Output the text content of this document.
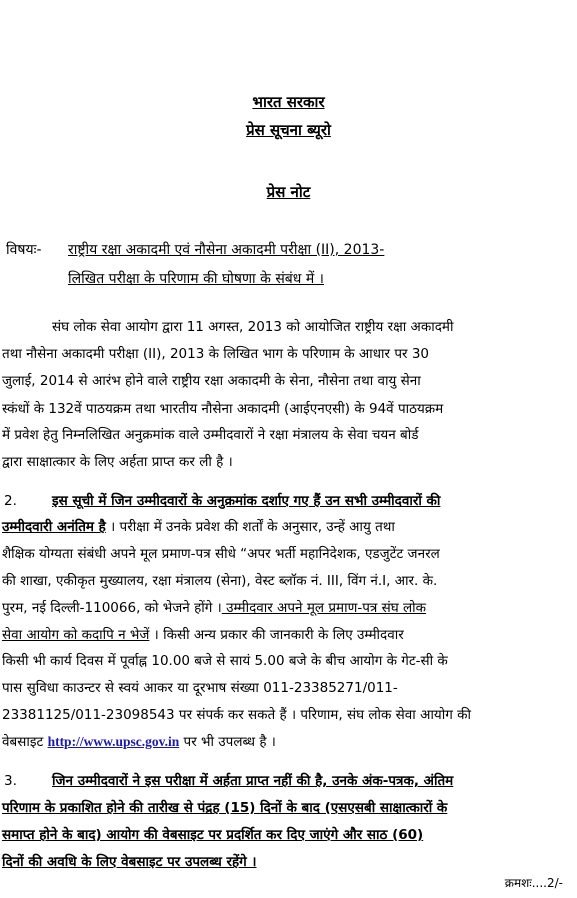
भारत सरकार
प्रेस सूचना ब्यूरो
प्रेस नोट
विषयः-	राष्ट्रीय रक्षा अकादमी एवं नौसेना अकादमी परीक्षा (II), 2013-
लिखित परीक्षा के परिणाम की घोषणा के संबंध में ।
संघ लोक सेवा आयोग द्वारा 11 अगस्त, 2013 को आयोजित राष्ट्रीय रक्षा अकादमी
तथा नौसेना अकादमी परीक्षा (II), 2013 के लिखित भाग के परिणाम के आधार पर 30
जुलाई, 2014 से आरंभ होने वाले राष्ट्रीय रक्षा अकादमी के सेना, नौसेना तथा वायु सेना
स्कंधों के 132वें पाठयक्रम तथा भारतीय नौसेना अकादमी (आईएनएसी) के 94वें पाठयक्रम
में प्रवेश हेतु निम्नलिखित अनुक्रमांक वाले उम्मीदवारों ने रक्षा मंत्रालय के सेवा चयन बोर्ड
द्वारा साक्षात्कार के लिए अर्हता प्राप्त कर ली है ।
2.	इस सूची में जिन उम्मीदवारों के अनुक्रमांक दर्शाए गए हैं उन सभी उम्मीदवारों की
उम्मीदवारी अनंतिम है । परीक्षा में उनके प्रवेश की शर्तों के अनुसार, उन्हें आयु तथा
शैक्षिक योग्यता संबंधी अपने मूल प्रमाण-पत्र सीधे “अपर भर्ती महानिदेशक, एडजुटेंट जनरल
की शाखा, एकीकृत मुख्यालय, रक्षा मंत्रालय (सेना), वेस्ट ब्लॉक नं. III, विंग नं.I, आर. के.
पुरम, नई दिल्ली-110066, को भेजने होंगे । उम्मीदवार अपने मूल प्रमाण-पत्र संघ लोक
सेवा आयोग को कदापि न भेजें । किसी अन्य प्रकार की जानकारी के लिए उम्मीदवार
किसी भी कार्य दिवस में पूर्वाह्न 10.00 बजे से सायं 5.00 बजे के बीच आयोग के गेट-सी के
पास सुविधा काउन्टर से स्वयं आकर या दूरभाष संख्या 011-23385271/011-
23381125/011-23098543 पर संपर्क कर सकते हैं । परिणाम, संघ लोक सेवा आयोग की
वेबसाइट http://www.upsc.gov.in पर भी उपलब्ध है ।
3.	जिन उम्मीदवारों ने इस परीक्षा में अर्हता प्राप्त नहीं की है, उनके अंक-पत्रक, अंतिम
परिणाम के प्रकाशित होने की तारीख से पंद्रह (15) दिनों के बाद (एसएसबी साक्षात्कारों के
समाप्त होने के बाद) आयोग की वेबसाइट पर प्रदर्शित कर दिए जाएंगे और साठ (60)
दिनों की अवधि के लिए वेबसाइट पर उपलब्ध रहेंगे ।
क्रमशः....2/-
